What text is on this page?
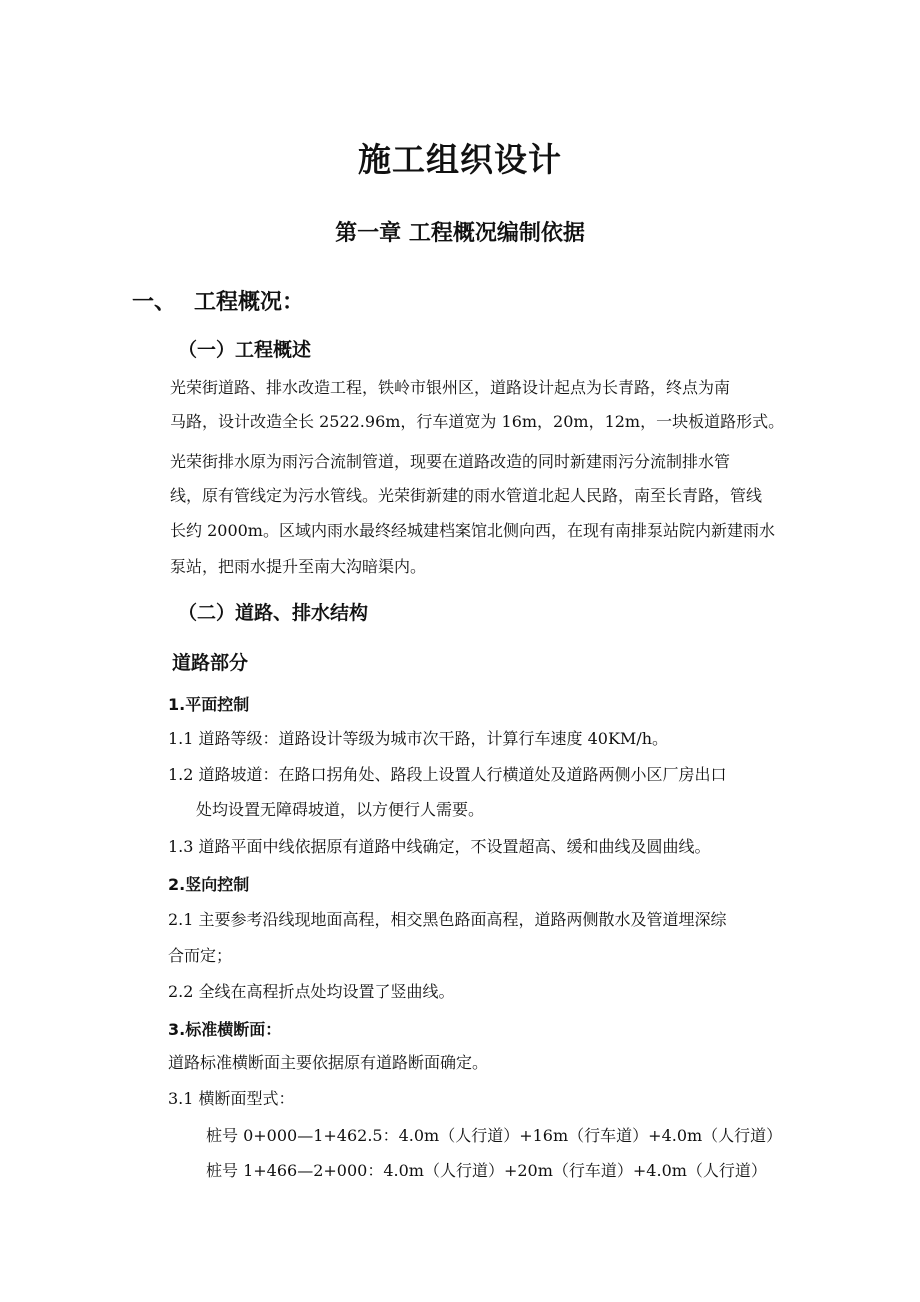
施工组织设计
第一章 工程概况编制依据
一、 工程概况：
（一）工程概述
光荣街道路、排水改造工程，铁岭市银州区，道路设计起点为长青路，终点为南
马路，设计改造全长 2522.96m，行车道宽为 16m，20m，12m，一块板道路形式。
光荣街排水原为雨污合流制管道，现要在道路改造的同时新建雨污分流制排水管
线，原有管线定为污水管线。光荣街新建的雨水管道北起人民路，南至长青路，管线
长约 2000m。区域内雨水最终经城建档案馆北侧向西，在现有南排泵站院内新建雨水
泵站，把雨水提升至南大沟暗渠内。
（二）道路、排水结构
道路部分
1.平面控制
1.1 道路等级：道路设计等级为城市次干路，计算行车速度 40KM/h。
1.2 道路坡道：在路口拐角处、路段上设置人行横道处及道路两侧小区厂房出口
处均设置无障碍坡道，以方便行人需要。
1.3 道路平面中线依据原有道路中线确定，不设置超高、缓和曲线及圆曲线。
2.竖向控制
2.1 主要参考沿线现地面高程，相交黑色路面高程，道路两侧散水及管道埋深综
合而定；
2.2 全线在高程折点处均设置了竖曲线。
3.标准横断面：
道路标准横断面主要依据原有道路断面确定。
3.1 横断面型式：
桩号 0+000—1+462.5：4.0m（人行道）+16m（行车道）+4.0m（人行道）
桩号 1+466—2+000：4.0m（人行道）+20m（行车道）+4.0m（人行道）
